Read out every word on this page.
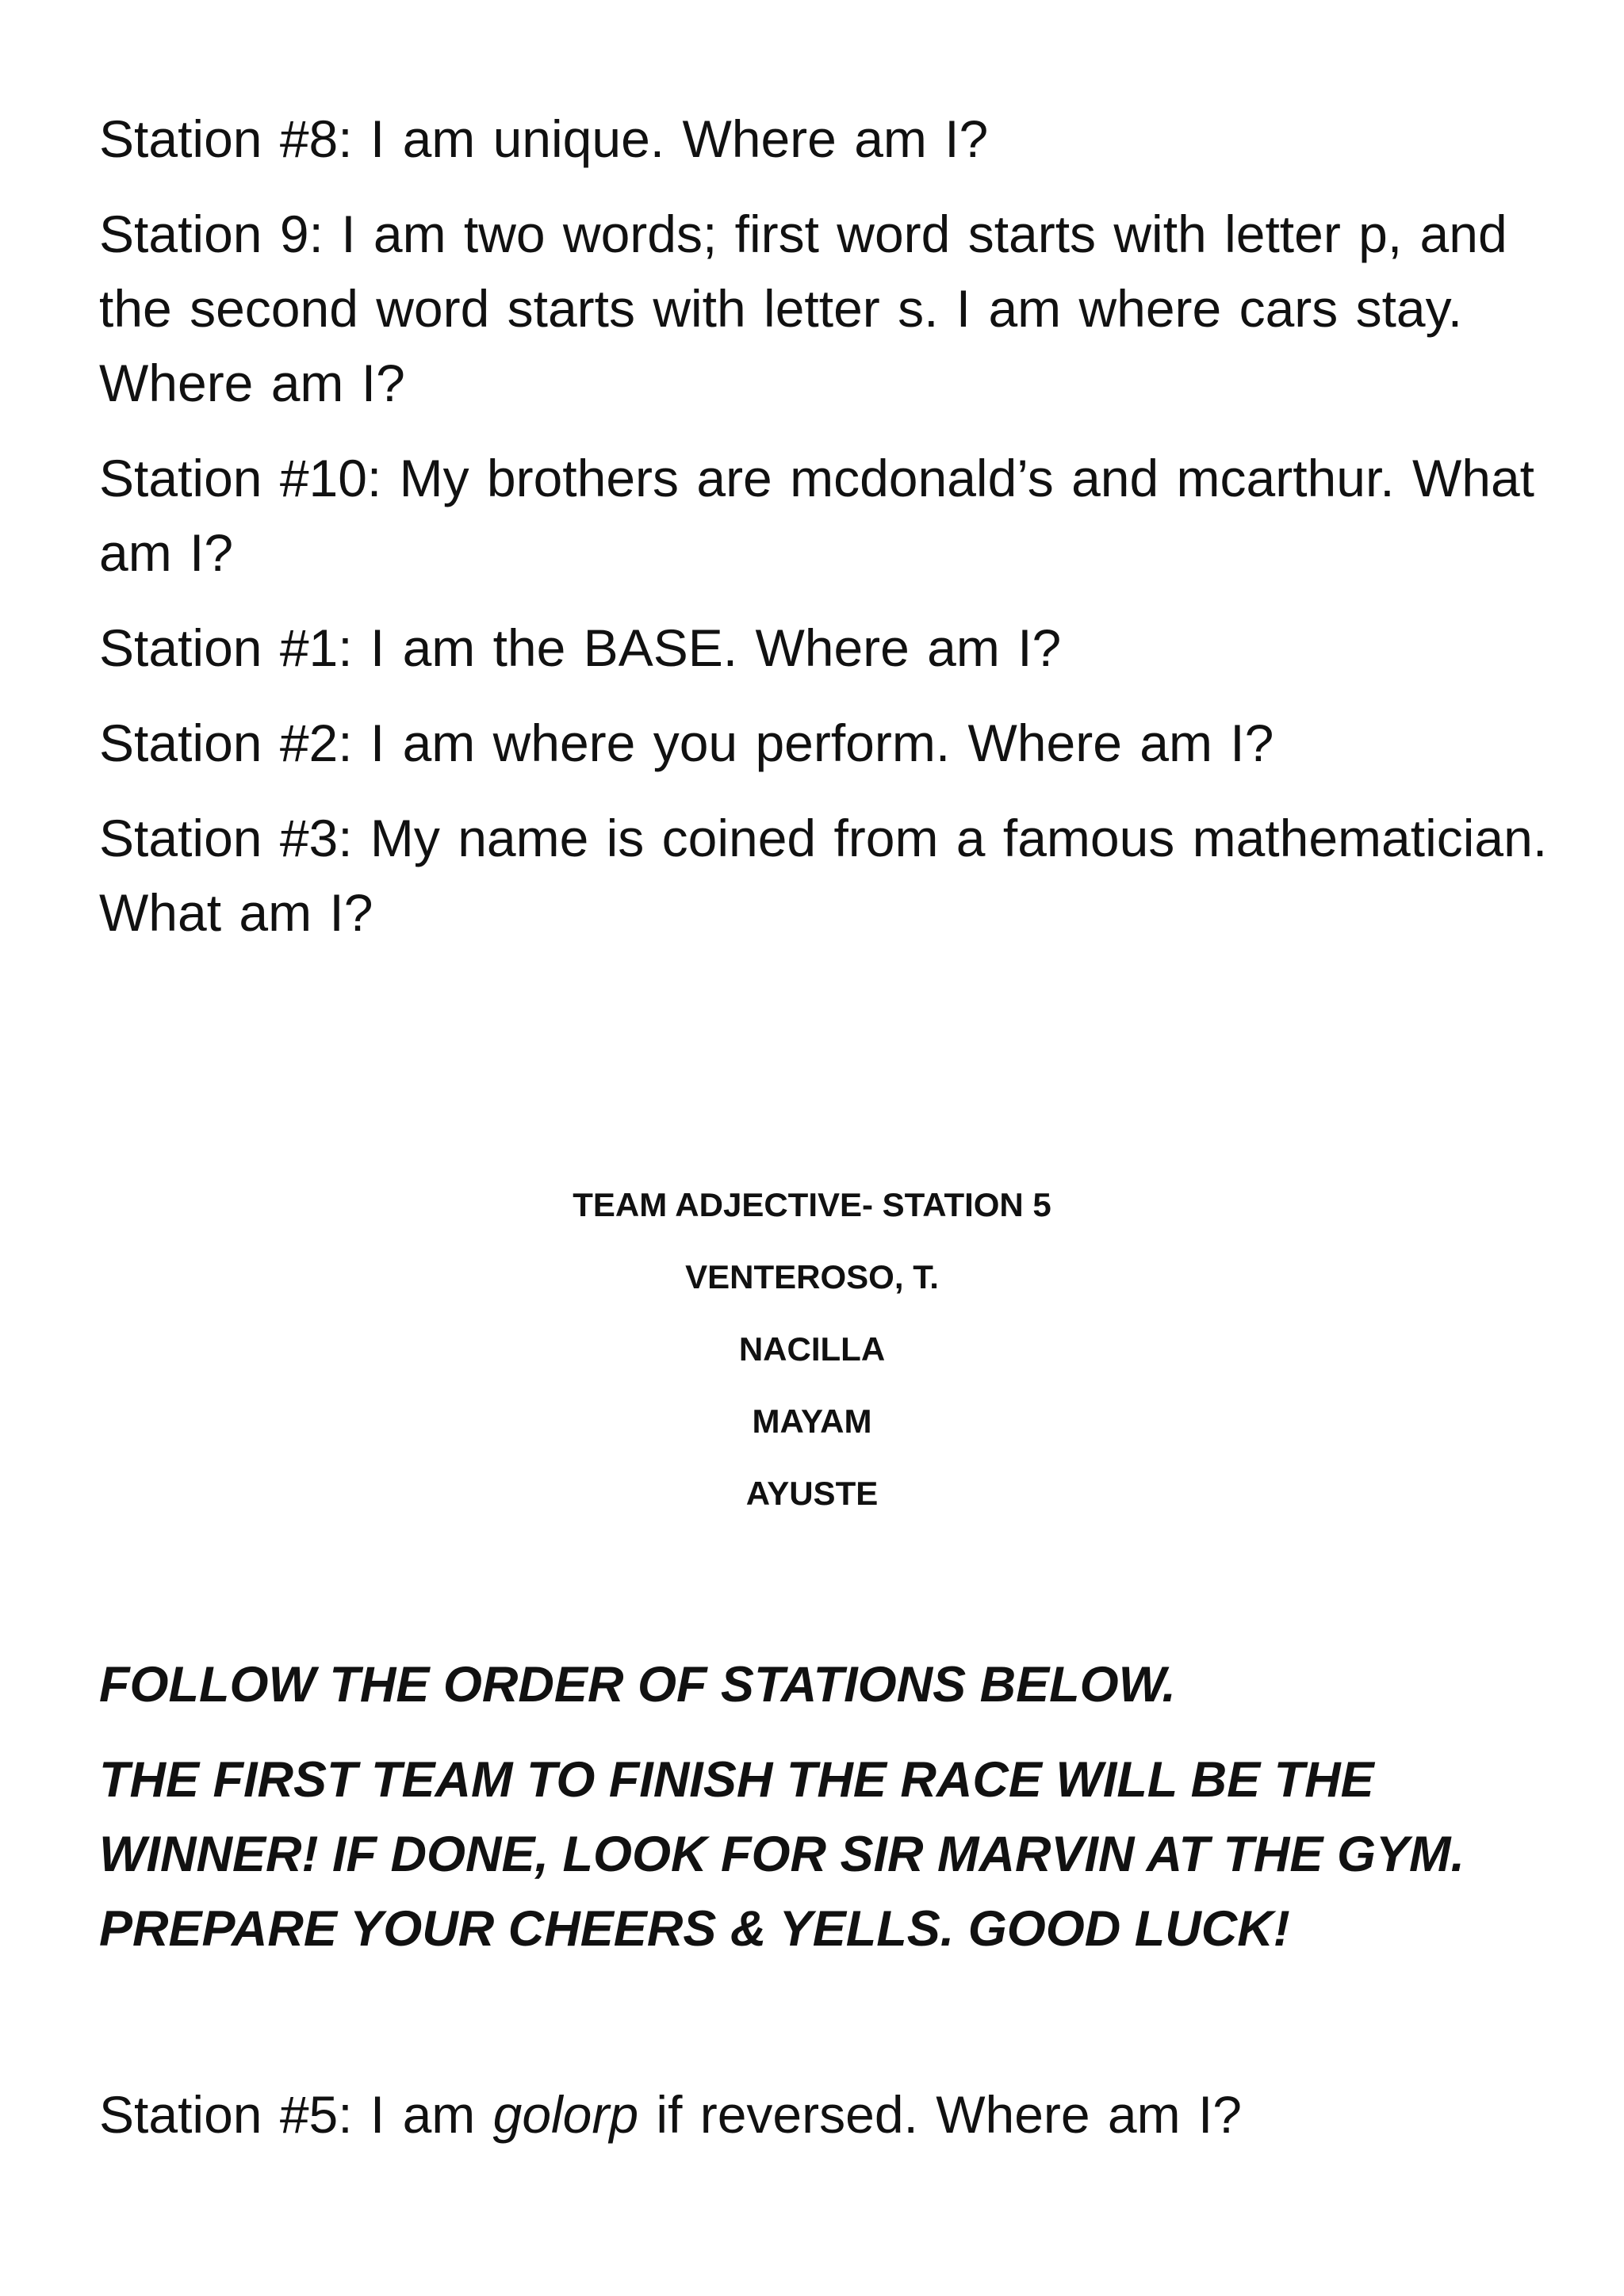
Station #8: I am unique. Where am I?

Station 9: I am two words; first word starts with letter p, and the second word starts with letter s. I am where cars stay. Where am I?

Station #10: My brothers are mcdonald’s and mcarthur. What am I?

Station #1: I am the BASE. Where am I?

Station #2: I am where you perform. Where am I?

Station #3: My name is coined from a famous mathematician. What am I?

TEAM ADJECTIVE- STATION 5
VENTEROSO, T.
NACILLA
MAYAM
AYUSTE

FOLLOW THE ORDER OF STATIONS BELOW.

THE FIRST TEAM TO FINISH THE RACE WILL BE THE WINNER! IF DONE, LOOK FOR SIR MARVIN AT THE GYM. PREPARE YOUR CHEERS & YELLS. GOOD LUCK!

Station #5: I am golorp if reversed. Where am I?
